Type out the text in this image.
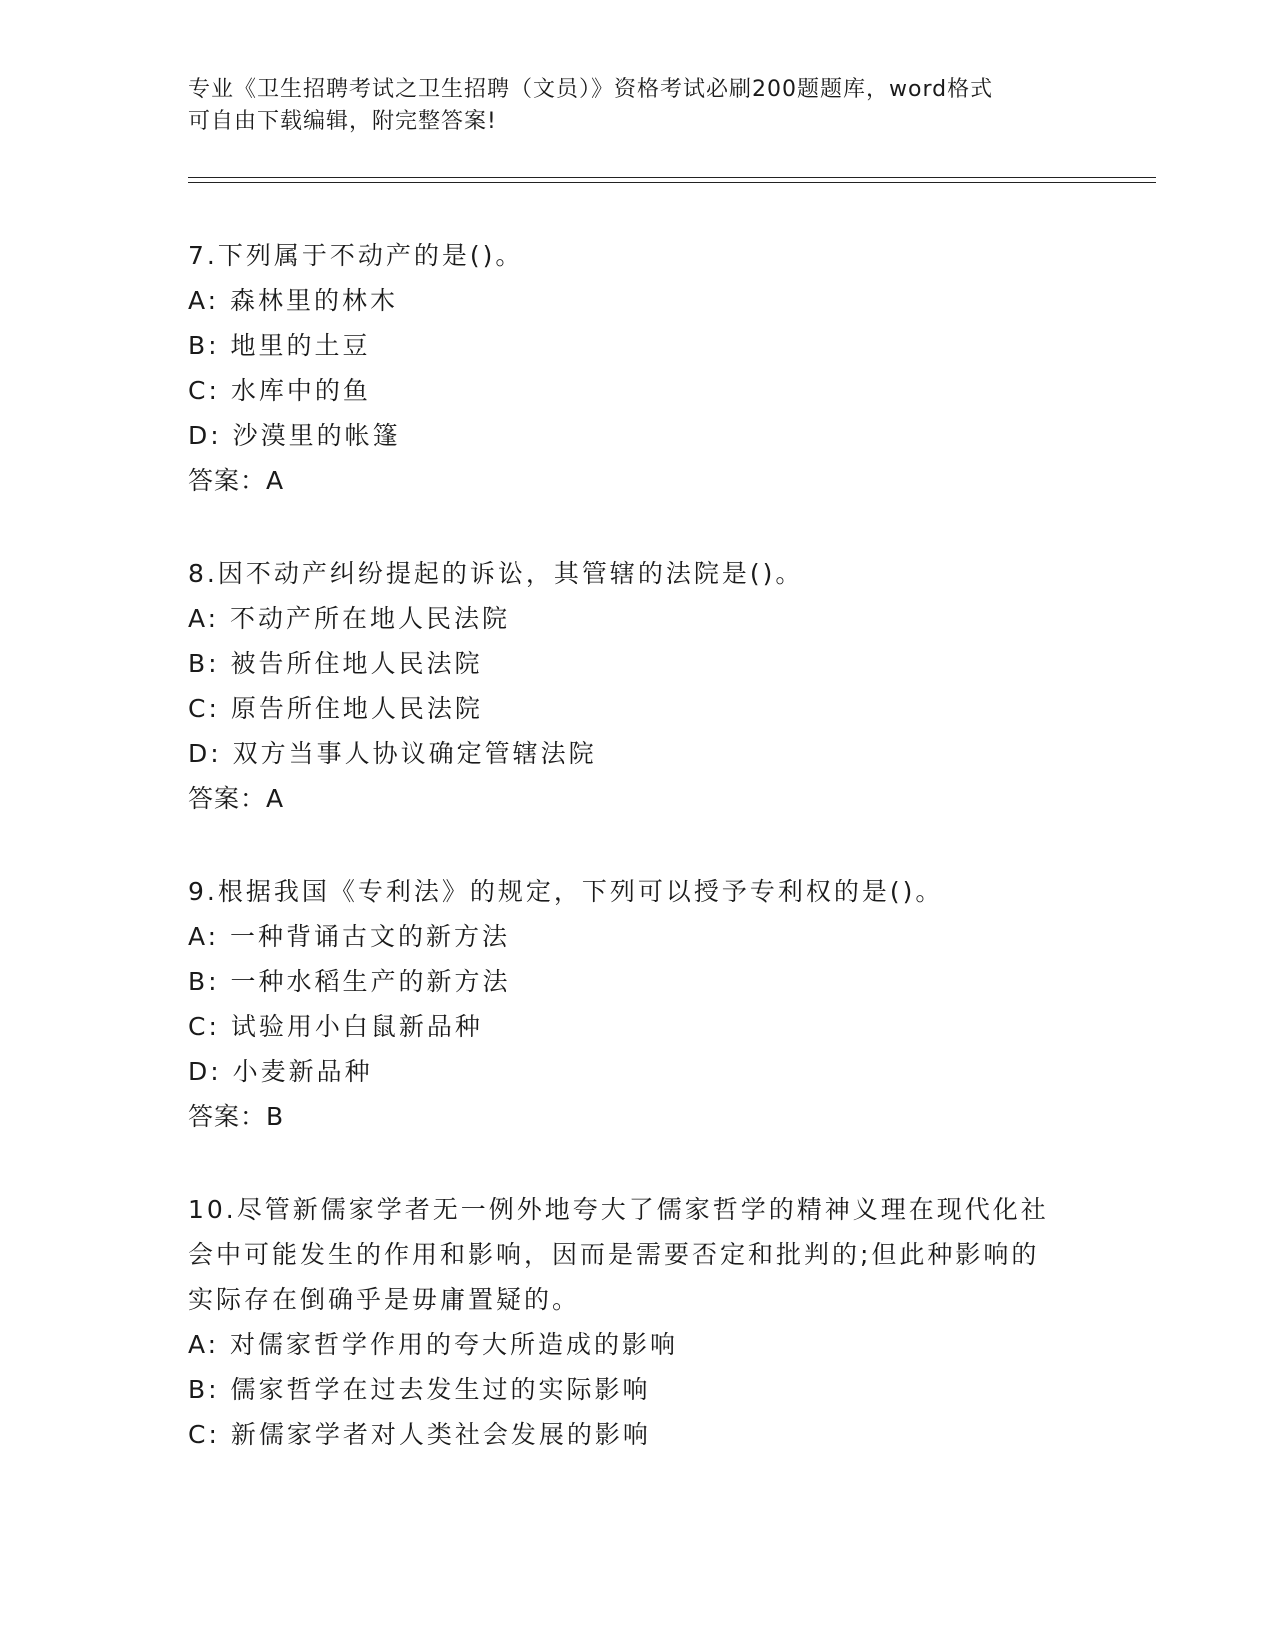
专业《卫生招聘考试之卫生招聘（文员）》资格考试必刷200题题库，word格式
可自由下载编辑，附完整答案!
7.下列属于不动产的是()。
A: 森林里的林木
B: 地里的土豆
C: 水库中的鱼
D: 沙漠里的帐篷
答案：A
8.因不动产纠纷提起的诉讼，其管辖的法院是()。
A: 不动产所在地人民法院
B: 被告所住地人民法院
C: 原告所住地人民法院
D: 双方当事人协议确定管辖法院
答案：A
9.根据我国《专利法》的规定，下列可以授予专利权的是()。
A: 一种背诵古文的新方法
B: 一种水稻生产的新方法
C: 试验用小白鼠新品种
D: 小麦新品种
答案：B
10.尽管新儒家学者无一例外地夸大了儒家哲学的精神义理在现代化社
会中可能发生的作用和影响，因而是需要否定和批判的;但此种影响的
实际存在倒确乎是毋庸置疑的。
A: 对儒家哲学作用的夸大所造成的影响
B: 儒家哲学在过去发生过的实际影响
C: 新儒家学者对人类社会发展的影响
